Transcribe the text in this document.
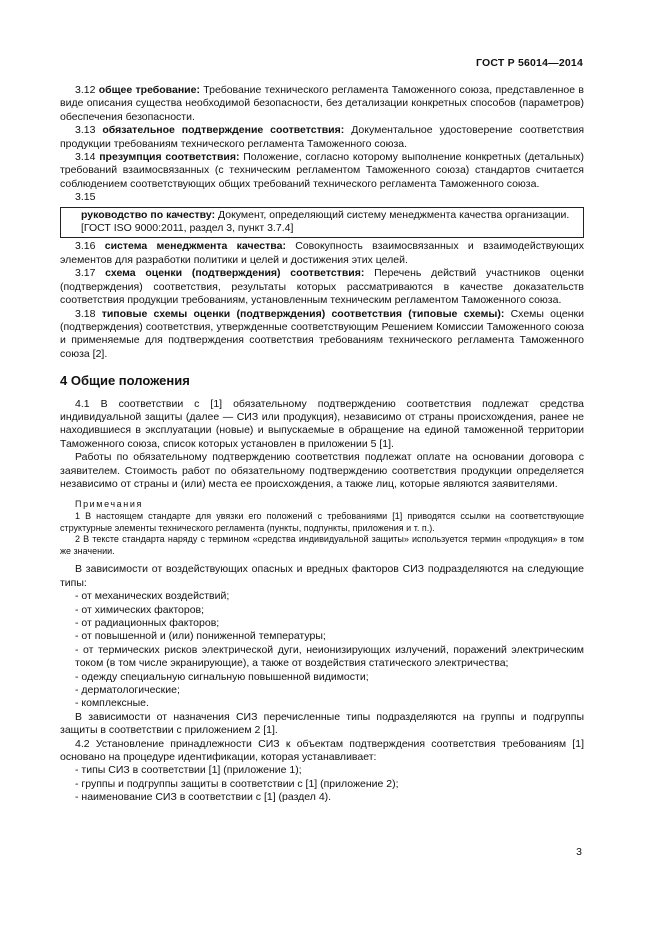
ГОСТ Р 56014—2014

3.12 общее требование: Требование технического регламента Таможенного союза, представленное в виде описания существа необходимой безопасности, без детализации конкретных способов (параметров) обеспечения безопасности.

3.13 обязательное подтверждение соответствия: Документальное удостоверение соответствия продукции требованиям технического регламента Таможенного союза.

3.14 презумпция соответствия: Положение, согласно которому выполнение конкретных (детальных) требований взаимосвязанных (с техническим регламентом Таможенного союза) стандартов считается соблюдением соответствующих общих требований технического регламента Таможенного союза.

3.15

руководство по качеству: Документ, определяющий систему менеджмента качества организации.

[ГОСТ ISO 9000:2011, раздел 3, пункт 3.7.4]

3.16 система менеджмента качества: Совокупность взаимосвязанных и взаимодействующих элементов для разработки политики и целей и достижения этих целей.

3.17 схема оценки (подтверждения) соответствия: Перечень действий участников оценки (подтверждения) соответствия, результаты которых рассматриваются в качестве доказательств соответствия продукции требованиям, установленным техническим регламентом Таможенного союза.

3.18 типовые схемы оценки (подтверждения) соответствия (типовые схемы): Схемы оценки (подтверждения) соответствия, утвержденные соответствующим Решением Комиссии Таможенного союза и применяемые для подтверждения соответствия требованиям технического регламента Таможенного союза [2].

4 Общие положения

4.1 В соответствии с [1] обязательному подтверждению соответствия подлежат средства индивидуальной защиты (далее — СИЗ или продукция), независимо от страны происхождения, ранее не находившиеся в эксплуатации (новые) и выпускаемые в обращение на единой таможенной территории Таможенного союза, список которых установлен в приложении 5 [1].

Работы по обязательному подтверждению соответствия подлежат оплате на основании договора с заявителем. Стоимость работ по обязательному подтверждению соответствия продукции определяется независимо от страны и (или) места ее происхождения, а также лиц, которые являются заявителями.

Примечания

1 В настоящем стандарте для увязки его положений с требованиями [1] приводятся ссылки на соответствующие структурные элементы технического регламента (пункты, подпункты, приложения и т. п.).

2 В тексте стандарта наряду с термином «средства индивидуальной защиты» используется термин «продукция» в том же значении.

В зависимости от воздействующих опасных и вредных факторов СИЗ подразделяются на следующие типы:

- от механических воздействий;
- от химических факторов;
- от радиационных факторов;
- от повышенной и (или) пониженной температуры;
- от термических рисков электрической дуги, неионизирующих излучений, поражений электрическим током (в том числе экранирующие), а также от воздействия статического электричества;
- одежду специальную сигнальную повышенной видимости;
- дерматологические;
- комплексные.

В зависимости от назначения СИЗ перечисленные типы подразделяются на группы и подгруппы защиты в соответствии с приложением 2 [1].

4.2 Установление принадлежности СИЗ к объектам подтверждения соответствия требованиям [1] основано на процедуре идентификации, которая устанавливает:

- типы СИЗ в соответствии [1] (приложение 1);
- группы и подгруппы защиты в соответствии с [1] (приложение 2);
- наименование СИЗ в соответствии с [1] (раздел 4).
3
